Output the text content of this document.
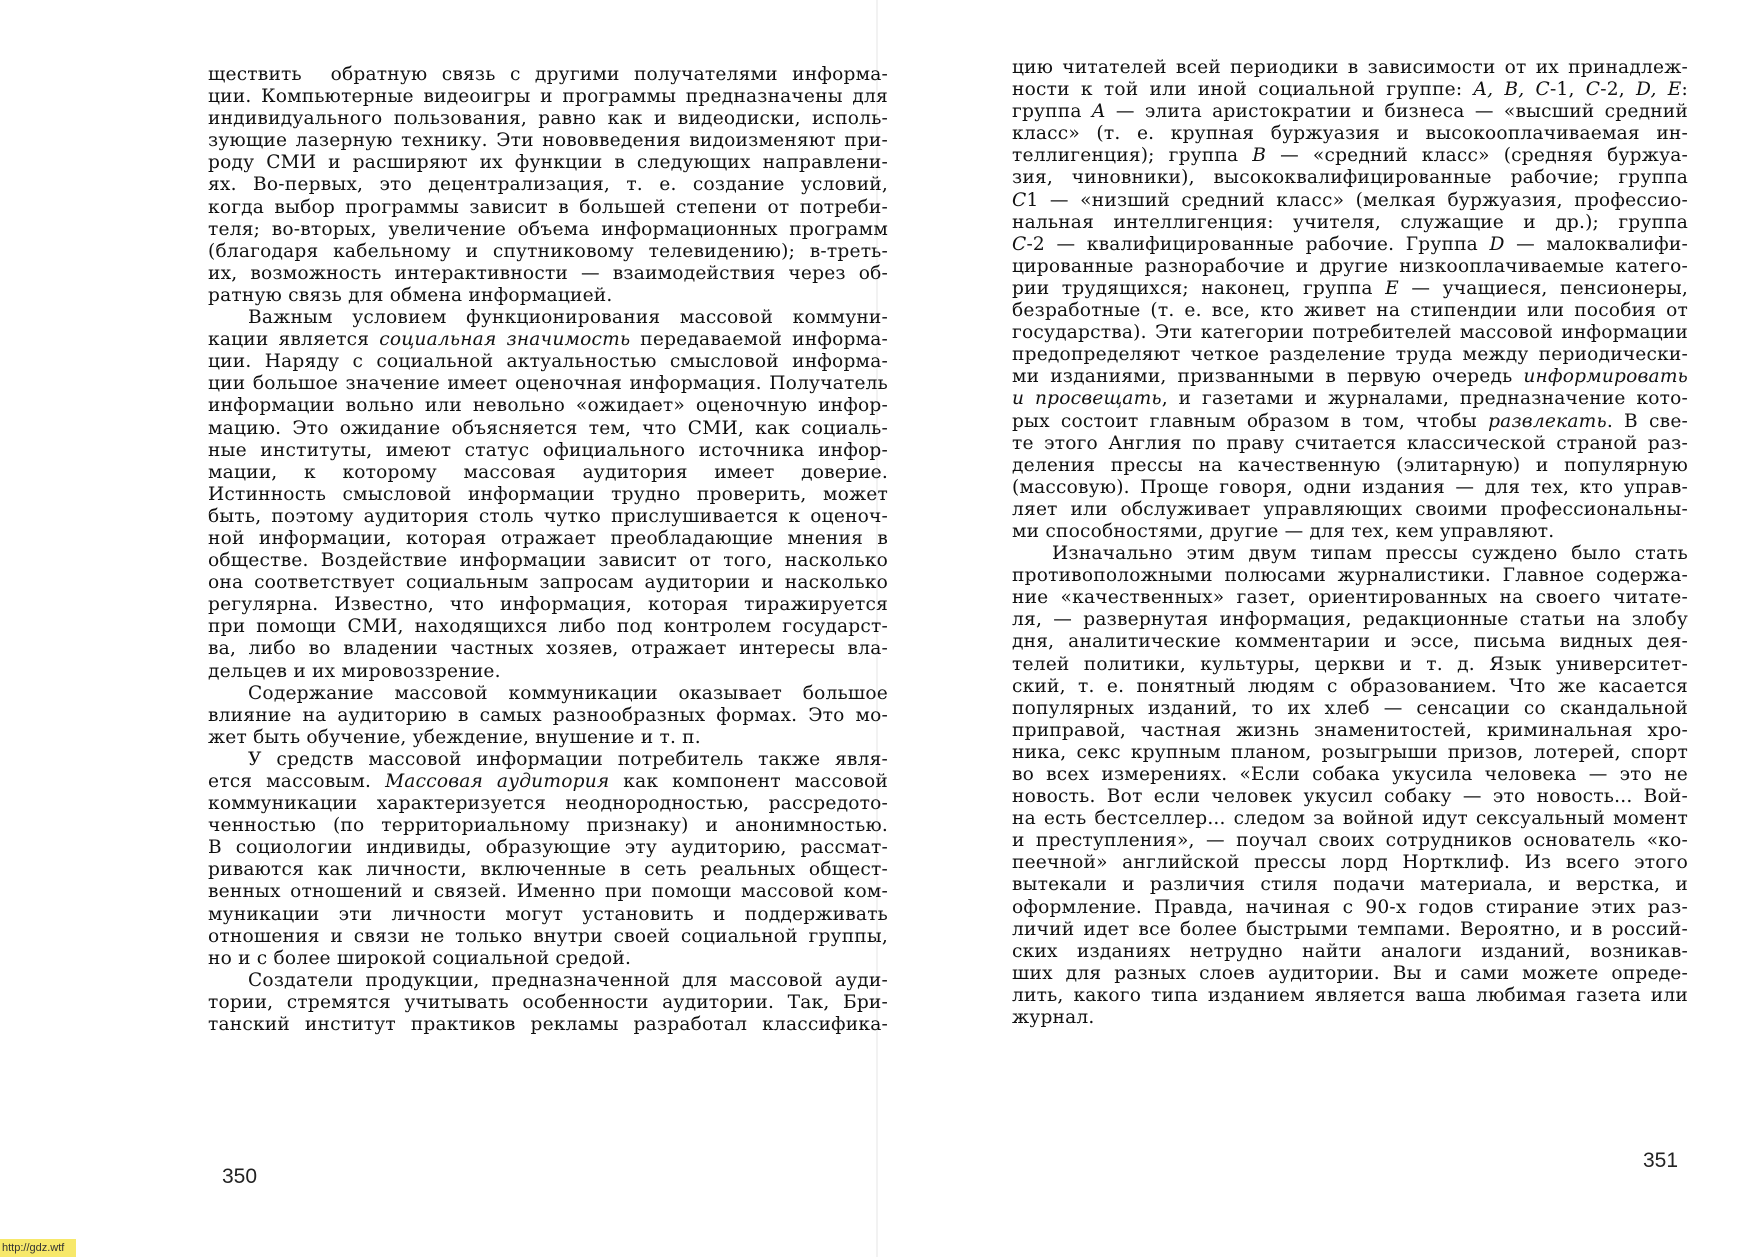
ществить  обратную связь с другими получателями информа-
ции. Компьютерные видеоигры и программы предназначены для
индивидуального пользования, равно как и видеодиски, исполь-
зующие лазерную технику. Эти нововведения видоизменяют при-
роду СМИ и расширяют их функции в следующих направлени-
ях. Во-первых, это децентрализация, т. е. создание условий,
когда выбор программы зависит в большей степени от потреби-
теля; во-вторых, увеличение объема информационных программ
(благодаря кабельному и спутниковому телевидению); в-треть-
их, возможность интерактивности — взаимодействия через об-
ратную связь для обмена информацией.
Важным условием функционирования массовой коммуни-
кации является социальная значимость передаваемой информа-
ции. Наряду с социальной актуальностью смысловой информа-
ции большое значение имеет оценочная информация. Получатель
информации вольно или невольно «ожидает» оценочную инфор-
мацию. Это ожидание объясняется тем, что СМИ, как социаль-
ные институты, имеют статус официального источника инфор-
мации,  к  которому  массовая  аудитория  имеет  доверие.
Истинность смысловой информации трудно проверить, может
быть, поэтому аудитория столь чутко прислушивается к оценоч-
ной информации, которая отражает преобладающие мнения в
обществе. Воздействие информации зависит от того, насколько
она соответствует социальным запросам аудитории и насколько
регулярна. Известно, что информация, которая тиражируется
при помощи СМИ, находящихся либо под контролем государст-
ва, либо во владении частных хозяев, отражает интересы вла-
дельцев и их мировоззрение.
Содержание массовой коммуникации оказывает большое
влияние на аудиторию в самых разнообразных формах. Это мо-
жет быть обучение, убеждение, внушение и т. п.
У средств массовой информации потребитель также явля-
ется массовым. Массовая аудитория как компонент массовой
коммуникации характеризуется неоднородностью, рассредото-
ченностью (по территориальному признаку) и анонимностью.
В социологии индивиды, образующие эту аудиторию, рассмат-
риваются как личности, включенные в сеть реальных общест-
венных отношений и связей. Именно при помощи массовой ком-
муникации эти личности могут установить и поддерживать
отношения и связи не только внутри своей социальной группы,
но и с более широкой социальной средой.
Создатели продукции, предназначенной для массовой ауди-
тории, стремятся учитывать особенности аудитории. Так, Бри-
танский институт практиков рекламы разработал классифика-
цию читателей всей периодики в зависимости от их принадлеж-
ности к той или иной социальной группе: A, B, C-1, C-2, D, E:
группа A — элита аристократии и бизнеса — «высший средний
класс» (т. е. крупная буржуазия и высокооплачиваемая ин-
теллигенция); группа B — «средний класс» (средняя буржуа-
зия, чиновники), высококвалифицированные рабочие; группа
C1 — «низший средний класс» (мелкая буржуазия, профессио-
нальная интеллигенция: учителя, служащие и др.); группа
C-2 — квалифицированные рабочие. Группа D — малоквалифи-
цированные разнорабочие и другие низкооплачиваемые катего-
рии трудящихся; наконец, группа E — учащиеся, пенсионеры,
безработные (т. е. все, кто живет на стипендии или пособия от
государства). Эти категории потребителей массовой информации
предопределяют четкое разделение труда между периодически-
ми изданиями, призванными в первую очередь информировать
и просвещать, и газетами и журналами, предназначение кото-
рых состоит главным образом в том, чтобы развлекать. В све-
те этого Англия по праву считается классической страной раз-
деления прессы на качественную (элитарную) и популярную
(массовую). Проще говоря, одни издания — для тех, кто управ-
ляет или обслуживает управляющих своими профессиональны-
ми способностями, другие — для тех, кем управляют.
Изначально этим двум типам прессы суждено было стать
противоположными полюсами журналистики. Главное содержа-
ние «качественных» газет, ориентированных на своего читате-
ля, — развернутая информация, редакционные статьи на злобу
дня, аналитические комментарии и эссе, письма видных дея-
телей политики, культуры, церкви и т. д. Язык университет-
ский, т. е. понятный людям с образованием. Что же касается
популярных изданий, то их хлеб — сенсации со скандальной
приправой, частная жизнь знаменитостей, криминальная хро-
ника, секс крупным планом, розыгрыши призов, лотерей, спорт
во всех измерениях. «Если собака укусила человека — это не
новость. Вот если человек укусил собаку — это новость... Вой-
на есть бестселлер... следом за войной идут сексуальный момент
и преступления», — поучал своих сотрудников основатель «ко-
пеечной» английской прессы лорд Нортклиф. Из всего этого
вытекали и различия стиля подачи материала, и верстка, и
оформление. Правда, начиная с 90-х годов стирание этих раз-
личий идет все более быстрыми темпами. Вероятно, и в россий-
ских изданиях нетрудно найти аналоги изданий, возникав-
ших для разных слоев аудитории. Вы и сами можете опреде-
лить, какого типа изданием является ваша любимая газета или
журнал.
350
351
http://gdz.wtf
